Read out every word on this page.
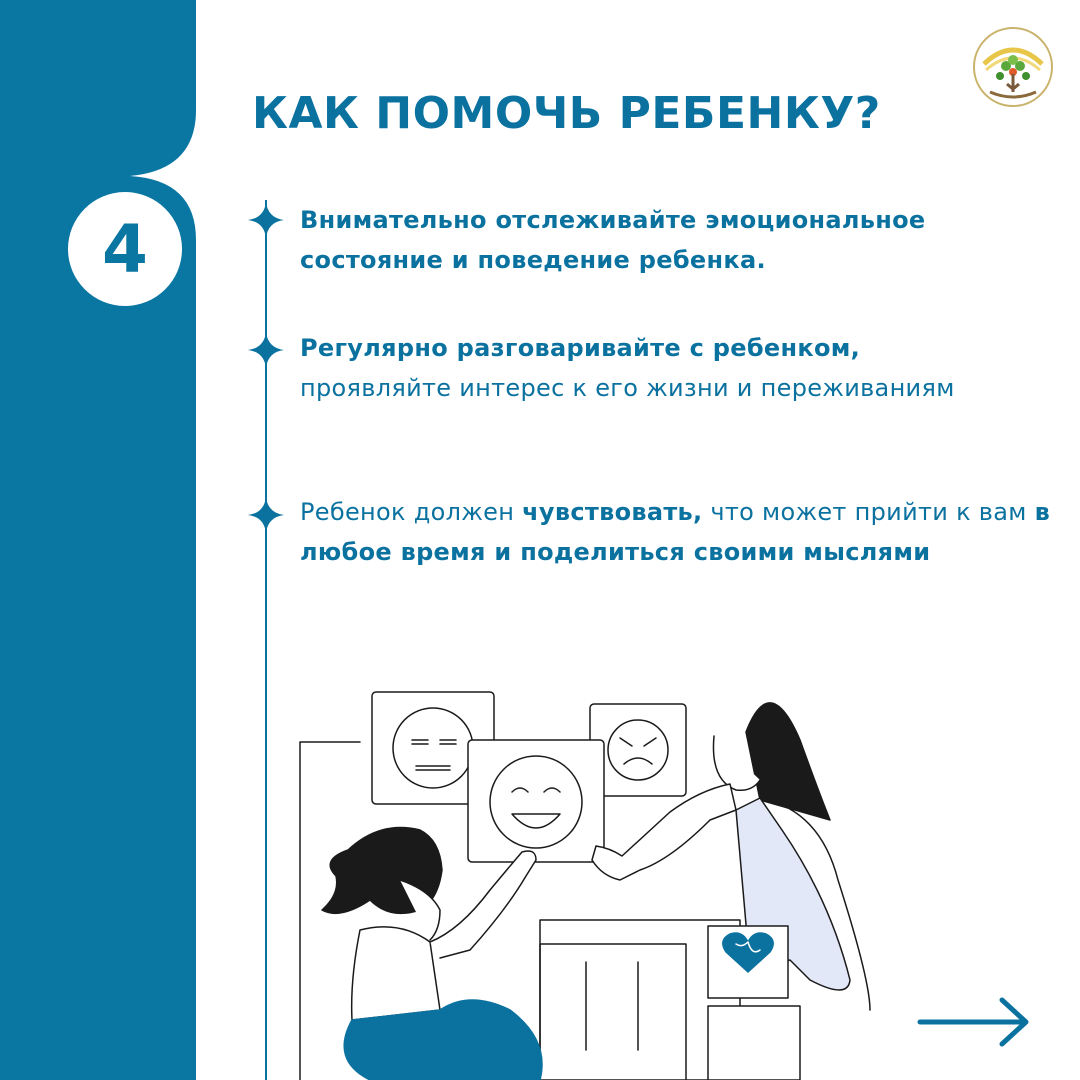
4
КАК ПОМОЧЬ РЕБЕНКУ?

Внимательно отслеживайте эмоциональное состояние и поведение ребенка.

Регулярно разговаривайте с ребенком,
проявляйте интерес к его жизни и переживаниям

Ребенок должен чувствовать, что может прийти к вам в любое время и поделиться своими мыслями
